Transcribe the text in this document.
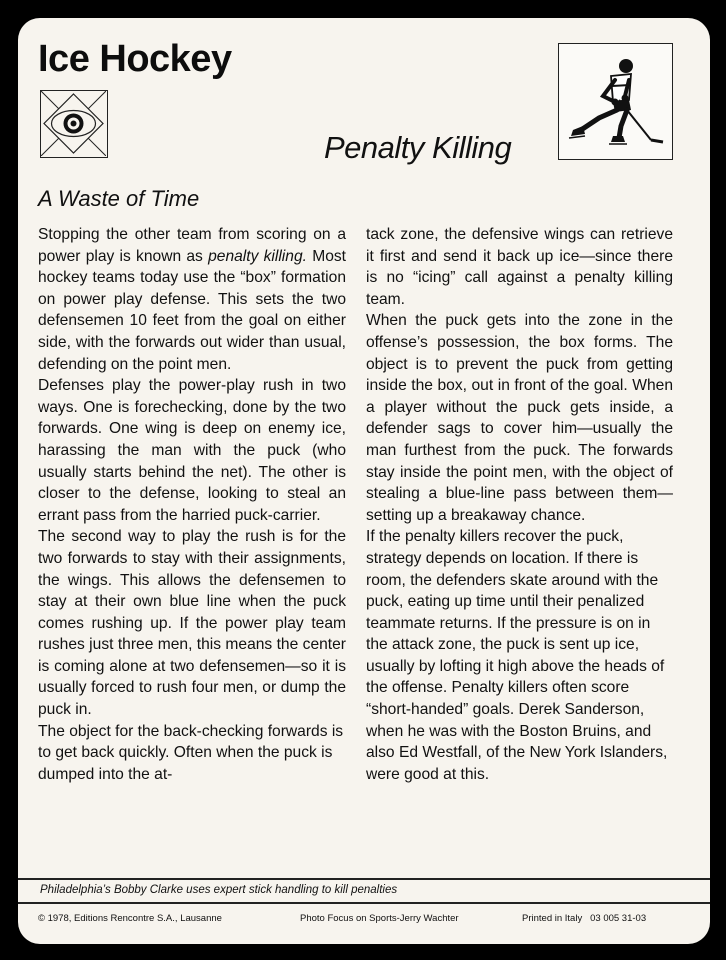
Ice Hockey
Penalty Killing
A Waste of Time

Stopping the other team from scoring on a power play is known as penalty killing. Most hockey teams today use the “box” formation on power play defense. This sets the two defensemen 10 feet from the goal on either side, with the forwards out wider than usual, defending on the point men.

Defenses play the power-play rush in two ways. One is forechecking, done by the two forwards. One wing is deep on enemy ice, harassing the man with the puck (who usually starts behind the net). The other is closer to the defense, looking to steal an errant pass from the harried puck-carrier.

The second way to play the rush is for the two forwards to stay with their assignments, the wings. This allows the defensemen to stay at their own blue line when the puck comes rushing up. If the power play team rushes just three men, this means the center is coming alone at two defensemen—so it is usually forced to rush four men, or dump the puck in.

The object for the back-checking forwards is to get back quickly. Often when the puck is dumped into the at-

tack zone, the defensive wings can retrieve it first and send it back up ice—since there is no “icing” call against a penalty killing team.

When the puck gets into the zone in the offense’s possession, the box forms. The object is to prevent the puck from getting inside the box, out in front of the goal. When a player without the puck gets inside, a defender sags to cover him—usually the man furthest from the puck. The forwards stay inside the point men, with the object of stealing a blue-line pass between them—setting up a breakaway chance.

If the penalty killers recover the puck, strategy depends on location. If there is room, the defenders skate around with the puck, eating up time until their penalized teammate returns. If the pressure is on in the attack zone, the puck is sent up ice, usually by lofting it high above the heads of the offense. Penalty killers often score “short-handed” goals. Derek Sanderson, when he was with the Boston Bruins, and also Ed Westfall, of the New York Islanders, were good at this.

Philadelphia’s Bobby Clarke uses expert stick handling to kill penalties
© 1978, Editions Rencontre S.A., Lausanne	Photo Focus on Sports-Jerry Wachter	Printed in Italy   03 005 31-03
